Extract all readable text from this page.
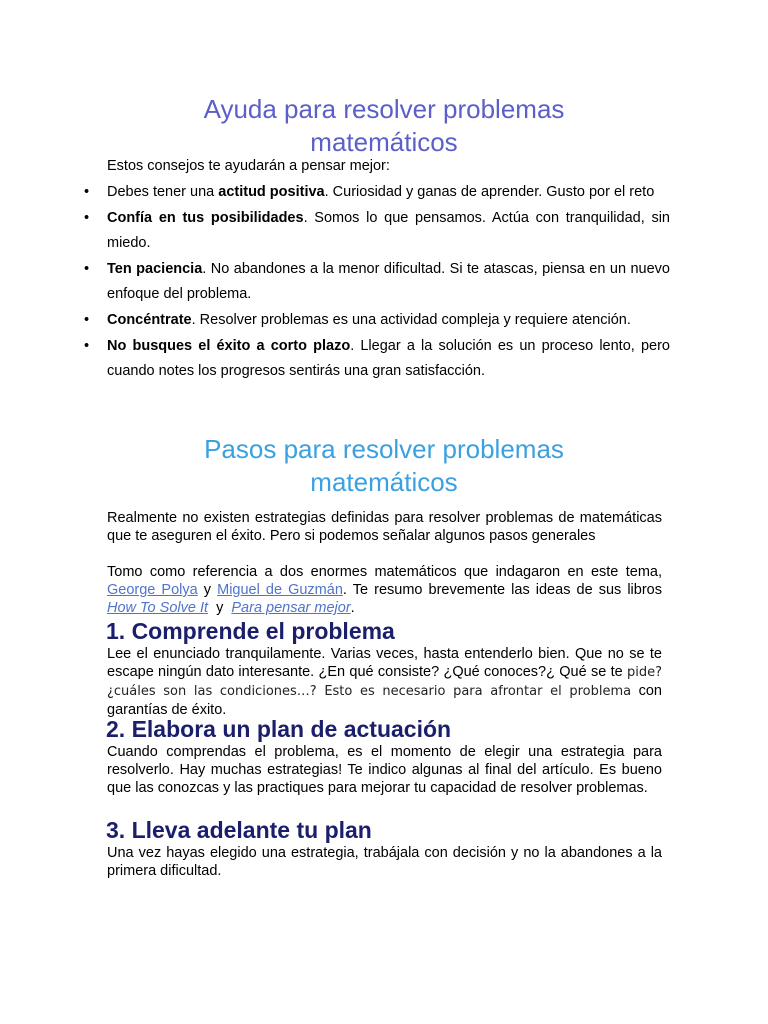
Ayuda para resolver problemas matemáticos
Estos consejos te ayudarán a pensar mejor:
• Debes tener una actitud positiva. Curiosidad y ganas de aprender. Gusto por el reto
• Confía en tus posibilidades. Somos lo que pensamos. Actúa con tranquilidad, sin miedo.
• Ten paciencia. No abandones a la menor dificultad. Si te atascas, piensa en un nuevo enfoque del problema.
• Concéntrate. Resolver problemas es una actividad compleja y requiere atención.
• No busques el éxito a corto plazo. Llegar a la solución es un proceso lento, pero cuando notes los progresos sentirás una gran satisfacción.
Pasos para resolver problemas matemáticos

Realmente no existen estrategias definidas para resolver problemas de matemáticas que te aseguren el éxito. Pero si podemos señalar algunos pasos generales

Tomo como referencia a dos enormes matemáticos que indagaron en este tema, George Polya y Miguel de Guzmán. Te resumo brevemente las ideas de sus libros How To Solve It  y  Para pensar mejor.

1. Comprende el problema

Lee el enunciado tranquilamente. Varias veces, hasta entenderlo bien. Que no se te escape ningún dato interesante. ¿En qué consiste? ¿Qué conoces?¿ Qué se te pide? ¿cuáles son las condiciones…? Esto es necesario para afrontar el problema con garantías de éxito.

2. Elabora un plan de actuación

Cuando comprendas el problema, es el momento de elegir una estrategia para resolverlo. Hay muchas estrategias! Te indico algunas al final del artículo. Es bueno que las conozcas y las practiques para mejorar tu capacidad de resolver problemas.

3. Lleva adelante tu plan

Una vez hayas elegido una estrategia, trabájala con decisión y no la abandones a la primera dificultad.
